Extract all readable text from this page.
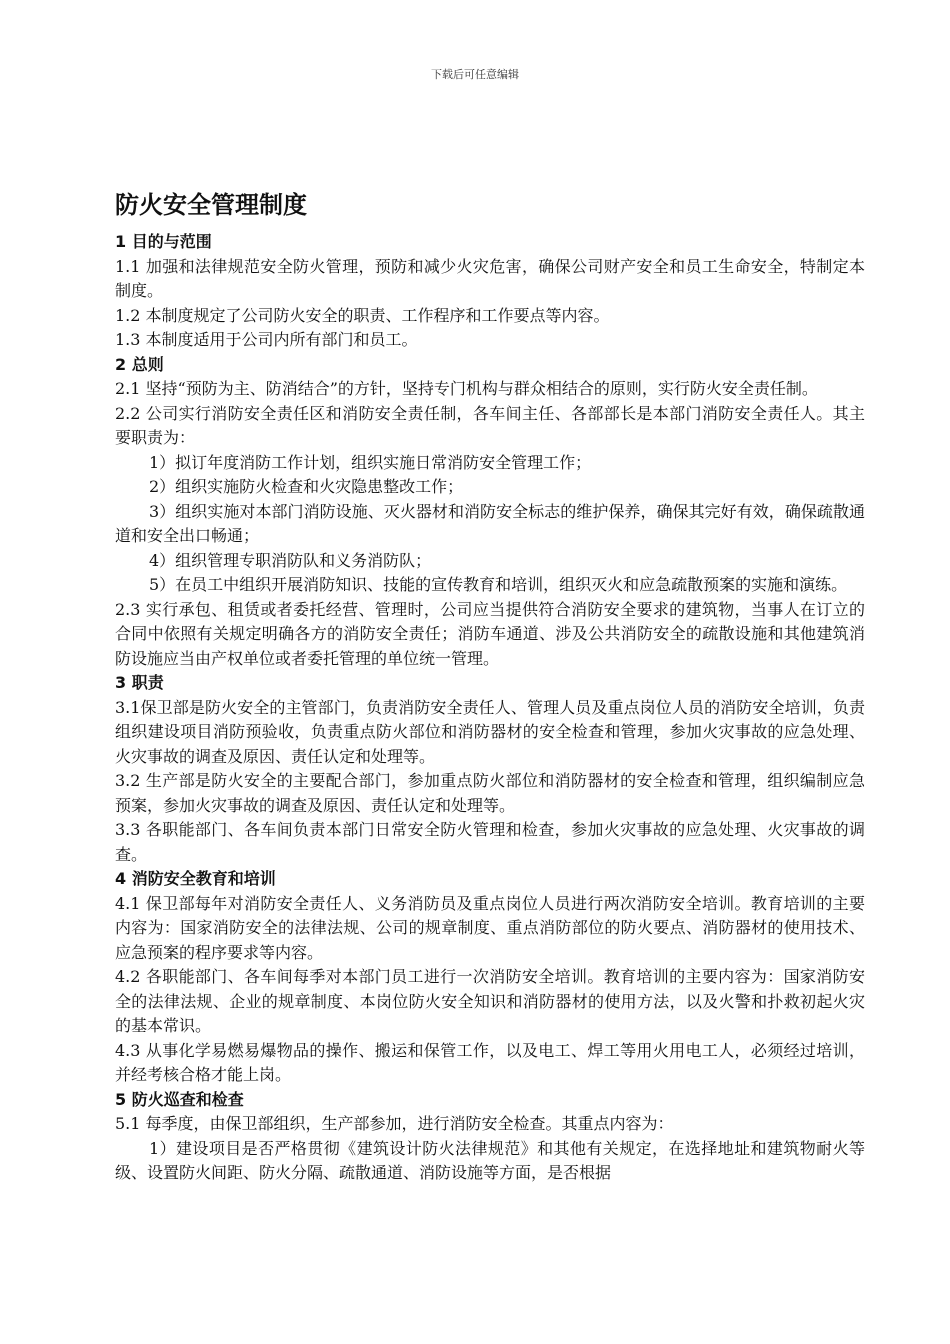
下载后可任意编辑
防火安全管理制度

1 目的与范围

1.1 加强和法律规范安全防火管理，预防和减少火灾危害，确保公司财产安全和员工生命安全，特制定本制度。

1.2 本制度规定了公司防火安全的职责、工作程序和工作要点等内容。

1.3 本制度适用于公司内所有部门和员工。

2 总则

2.1 坚持“预防为主、防消结合”的方针，坚持专门机构与群众相结合的原则，实行防火安全责任制。

2.2 公司实行消防安全责任区和消防安全责任制，各车间主任、各部部长是本部门消防安全责任人。其主要职责为：

1）拟订年度消防工作计划，组织实施日常消防安全管理工作；

2）组织实施防火检查和火灾隐患整改工作；

3）组织实施对本部门消防设施、灭火器材和消防安全标志的维护保养，确保其完好有效，确保疏散通道和安全出口畅通；

4）组织管理专职消防队和义务消防队；

5）在员工中组织开展消防知识、技能的宣传教育和培训，组织灭火和应急疏散预案的实施和演练。

2.3 实行承包、租赁或者委托经营、管理时，公司应当提供符合消防安全要求的建筑物，当事人在订立的合同中依照有关规定明确各方的消防安全责任；消防车通道、涉及公共消防安全的疏散设施和其他建筑消防设施应当由产权单位或者委托管理的单位统一管理。

3 职责

3.1保卫部是防火安全的主管部门，负责消防安全责任人、管理人员及重点岗位人员的消防安全培训，负责组织建设项目消防预验收，负责重点防火部位和消防器材的安全检查和管理，参加火灾事故的应急处理、火灾事故的调查及原因、责任认定和处理等。

3.2 生产部是防火安全的主要配合部门，参加重点防火部位和消防器材的安全检查和管理，组织编制应急预案，参加火灾事故的调查及原因、责任认定和处理等。

3.3 各职能部门、各车间负责本部门日常安全防火管理和检查，参加火灾事故的应急处理、火灾事故的调查。

4 消防安全教育和培训

4.1 保卫部每年对消防安全责任人、义务消防员及重点岗位人员进行两次消防安全培训。教育培训的主要内容为：国家消防安全的法律法规、公司的规章制度、重点消防部位的防火要点、消防器材的使用技术、应急预案的程序要求等内容。

4.2 各职能部门、各车间每季对本部门员工进行一次消防安全培训。教育培训的主要内容为：国家消防安全的法律法规、企业的规章制度、本岗位防火安全知识和消防器材的使用方法，以及火警和扑救初起火灾的基本常识。

4.3 从事化学易燃易爆物品的操作、搬运和保管工作，以及电工、焊工等用火用电工人，必须经过培训，并经考核合格才能上岗。

5 防火巡查和检查

5.1 每季度，由保卫部组织，生产部参加，进行消防安全检查。其重点内容为：

1）建设项目是否严格贯彻《建筑设计防火法律规范》和其他有关规定，在选择地址和建筑物耐火等级、设置防火间距、防火分隔、疏散通道、消防设施等方面，是否根据
